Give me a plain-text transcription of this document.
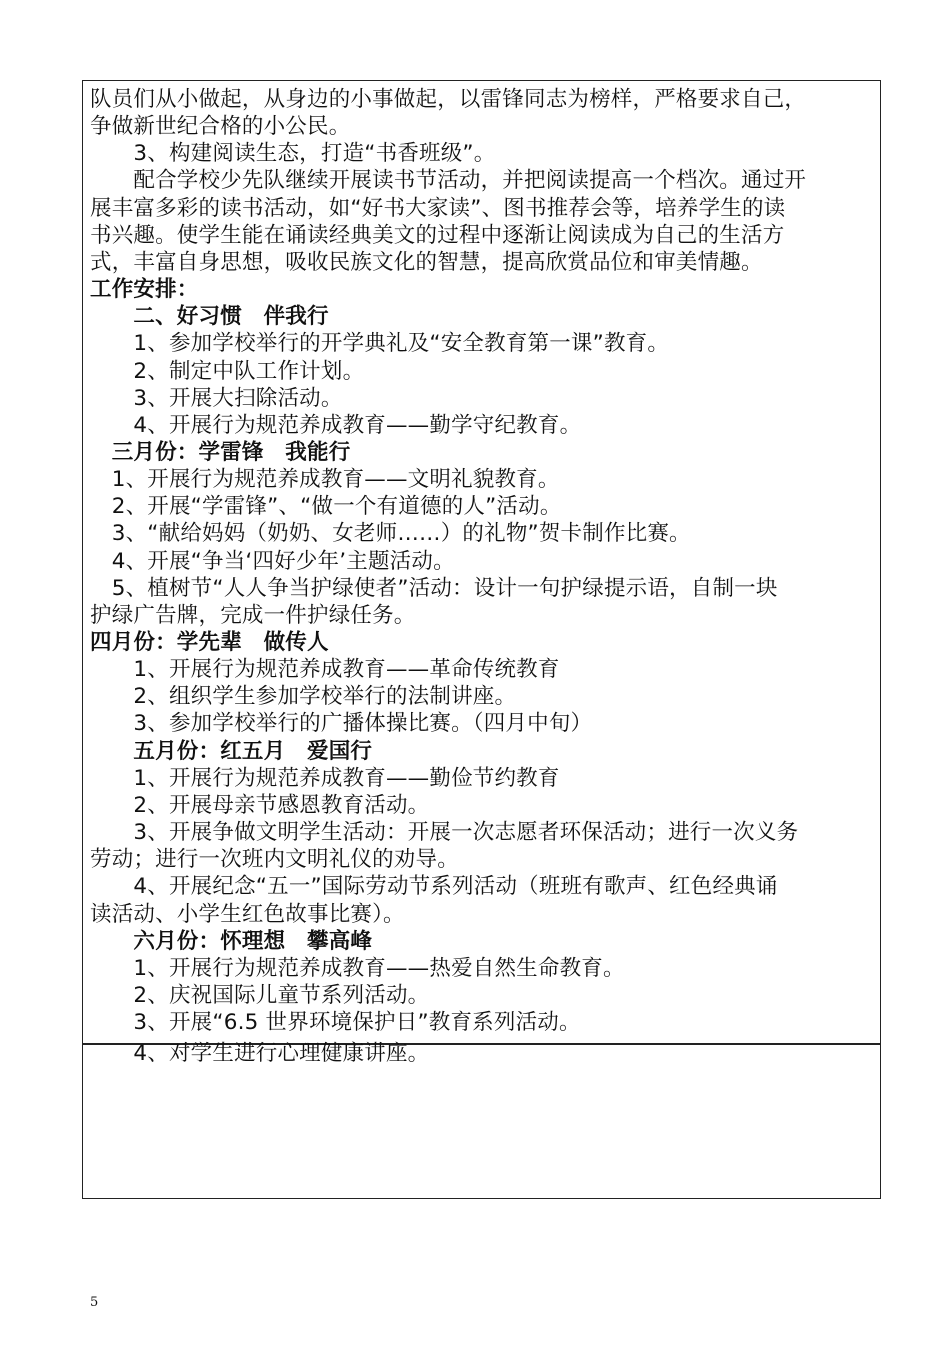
队员们从小做起，从身边的小事做起，以雷锋同志为榜样，严格要求自己，
争做新世纪合格的小公民。
　　3、构建阅读生态，打造“书香班级”。
　　配合学校少先队继续开展读书节活动，并把阅读提高一个档次。通过开
展丰富多彩的读书活动，如“好书大家读”、图书推荐会等，培养学生的读
书兴趣。使学生能在诵读经典美文的过程中逐渐让阅读成为自己的生活方
式，丰富自身思想，吸收民族文化的智慧，提高欣赏品位和审美情趣。
工作安排：
　　二、好习惯　伴我行
　　1、参加学校举行的开学典礼及“安全教育第一课”教育。
　　2、制定中队工作计划。
　　3、开展大扫除活动。
　　4、开展行为规范养成教育——勤学守纪教育。
　三月份：学雷锋　我能行
　1、开展行为规范养成教育——文明礼貌教育。
　2、开展“学雷锋”、“做一个有道德的人”活动。
　3、“献给妈妈（奶奶、女老师……）的礼物”贺卡制作比赛。
　4、开展“争当‘四好少年’主题活动。
　5、植树节“人人争当护绿使者”活动：设计一句护绿提示语，自制一块
护绿广告牌，完成一件护绿任务。
四月份：学先辈　做传人
　　1、开展行为规范养成教育——革命传统教育
　　2、组织学生参加学校举行的法制讲座。
　　3、参加学校举行的广播体操比赛。（四月中旬）
　　五月份：红五月　爱国行
　　1、开展行为规范养成教育——勤俭节约教育
　　2、开展母亲节感恩教育活动。
　　3、开展争做文明学生活动：开展一次志愿者环保活动；进行一次义务
劳动；进行一次班内文明礼仪的劝导。
　　4、开展纪念“五一”国际劳动节系列活动（班班有歌声、红色经典诵
读活动、小学生红色故事比赛）。
　　六月份：怀理想　攀高峰
　　1、开展行为规范养成教育——热爱自然生命教育。
　　2、庆祝国际儿童节系列活动。
　　3、开展“6.5 世界环境保护日”教育系列活动。
　　4、对学生进行心理健康讲座。
5
